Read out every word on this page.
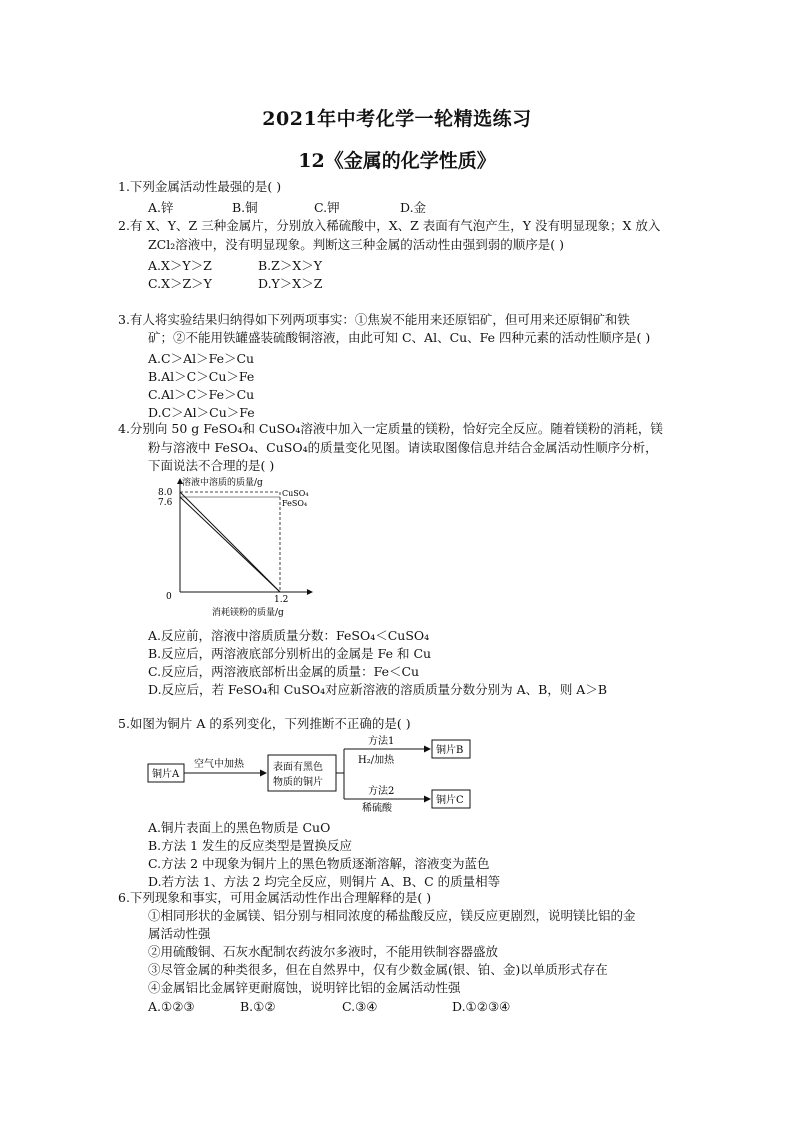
2021年中考化学一轮精选练习
12《金属的化学性质》
1.下列金属活动性最强的是( )
A.锌	B.铜	C.钾	D.金
2.有 X、Y、Z 三种金属片，分别放入稀硫酸中，X、Z 表面有气泡产生，Y 没有明显现象；X 放入
ZCl₂溶液中，没有明显现象。判断这三种金属的活动性由强到弱的顺序是( )
A.X＞Y＞Z	B.Z＞X＞Y
C.X＞Z＞Y	D.Y＞X＞Z
3.有人将实验结果归纳得如下列两项事实：①焦炭不能用来还原铝矿，但可用来还原铜矿和铁
矿；②不能用铁罐盛装硫酸铜溶液，由此可知 C、Al、Cu、Fe 四种元素的活动性顺序是( )
A.C＞Al＞Fe＞Cu
B.Al＞C＞Cu＞Fe
C.Al＞C＞Fe＞Cu
D.C＞Al＞Cu＞Fe
4.分别向 50 g FeSO₄和 CuSO₄溶液中加入一定质量的镁粉，恰好完全反应。随着镁粉的消耗，镁
粉与溶液中 FeSO₄、CuSO₄的质量变化见图。请读取图像信息并结合金属活动性顺序分析，
下面说法不合理的是( )
溶液中溶质的质量/g
消耗镁粉的质量/g
0
CuSO₄
FeSO₄
8.0
7.6
1.2
A.反应前，溶液中溶质质量分数：FeSO₄＜CuSO₄
B.反应后，两溶液底部分别析出的金属是 Fe 和 Cu
C.反应后，两溶液底部析出金属的质量：Fe＜Cu
D.反应后，若 FeSO₄和 CuSO₄对应新溶液的溶质质量分数分别为 A、B，则 A＞B
5.如图为铜片 A 的系列变化，下列推断不正确的是( )
铜片A
空气中加热	表面有黑色
物质的铜片
方法1
H₂/加热
方法2
稀硫酸
铜片B
铜片C
A.铜片表面上的黑色物质是 CuO
B.方法 1 发生的反应类型是置换反应
C.方法 2 中现象为铜片上的黑色物质逐渐溶解，溶液变为蓝色
D.若方法 1、方法 2 均完全反应，则铜片 A、B、C 的质量相等
6.下列现象和事实，可用金属活动性作出合理解释的是( )
①相同形状的金属镁、铝分别与相同浓度的稀盐酸反应，镁反应更剧烈，说明镁比铝的金
属活动性强
②用硫酸铜、石灰水配制农药波尔多液时，不能用铁制容器盛放
③尽管金属的种类很多，但在自然界中，仅有少数金属(银、铂、金)以单质形式存在
④金属铝比金属锌更耐腐蚀，说明锌比铝的金属活动性强
A.①②③	B.①②	C.③④	D.①②③④
